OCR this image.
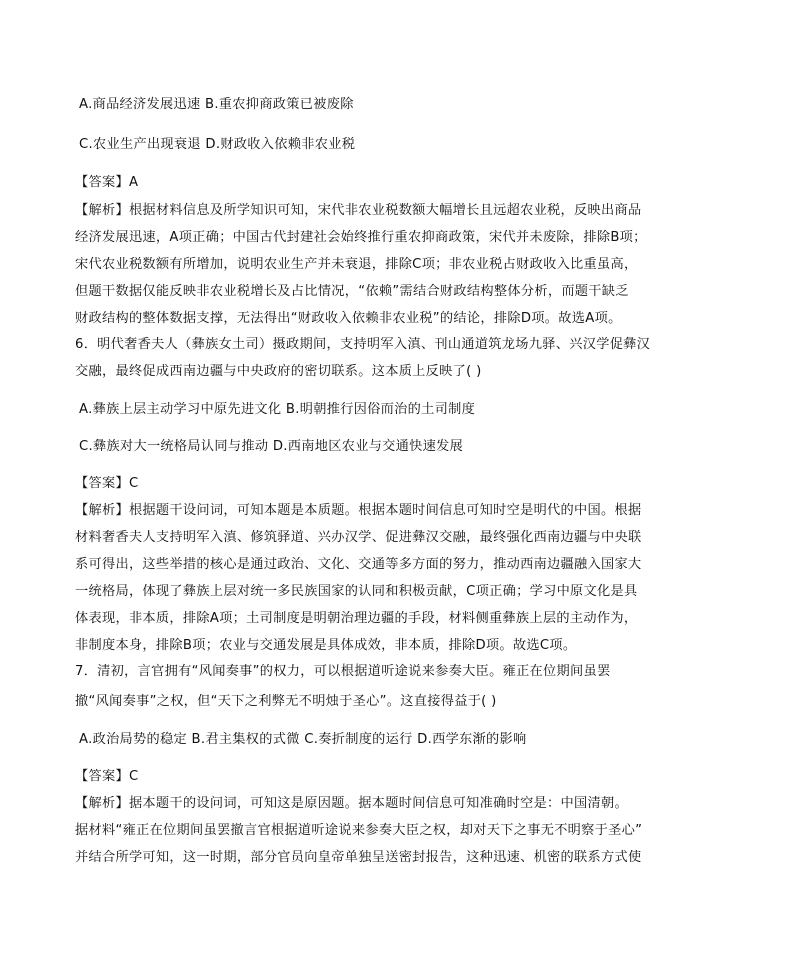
A.商品经济发展迅速 B.重农抑商政策已被废除
C.农业生产出现衰退 D.财政收入依赖非农业税
【答案】A
【解析】根据材料信息及所学知识可知，宋代非农业税数额大幅增长且远超农业税，反映出商品
经济发展迅速，A项正确；中国古代封建社会始终推行重农抑商政策，宋代并未废除，排除B项；
宋代农业税数额有所增加，说明农业生产并未衰退，排除C项；非农业税占财政收入比重虽高，
但题干数据仅能反映非农业税增长及占比情况，“依赖”需结合财政结构整体分析，而题干缺乏
财政结构的整体数据支撑，无法得出“财政收入依赖非农业税”的结论，排除D项。故选A项。
6．明代奢香夫人（彝族女土司）摄政期间，支持明军入滇、刊山通道筑龙场九驿、兴汉学促彝汉
交融，最终促成西南边疆与中央政府的密切联系。这本质上反映了( )
A.彝族上层主动学习中原先进文化 B.明朝推行因俗而治的土司制度
C.彝族对大一统格局认同与推动 D.西南地区农业与交通快速发展
【答案】C
【解析】根据题干设问词，可知本题是本质题。根据本题时间信息可知时空是明代的中国。根据
材料奢香夫人支持明军入滇、修筑驿道、兴办汉学、促进彝汉交融，最终强化西南边疆与中央联
系可得出，这些举措的核心是通过政治、文化、交通等多方面的努力，推动西南边疆融入国家大
一统格局，体现了彝族上层对统一多民族国家的认同和积极贡献，C项正确；学习中原文化是具
体表现，非本质，排除A项；土司制度是明朝治理边疆的手段，材料侧重彝族上层的主动作为，
非制度本身，排除B项；农业与交通发展是具体成效，非本质，排除D项。故选C项。
7．清初，言官拥有“风闻奏事”的权力，可以根据道听途说来参奏大臣。雍正在位期间虽罢
撤“风闻奏事”之权，但“天下之利弊无不明烛于圣心”。这直接得益于( )
A.政治局势的稳定 B.君主集权的式微 C.奏折制度的运行 D.西学东渐的影响
【答案】C
【解析】据本题干的设问词，可知这是原因题。据本题时间信息可知准确时空是：中国清朝。
据材料“雍正在位期间虽罢撤言官根据道听途说来参奏大臣之权，却对天下之事无不明察于圣心”
并结合所学可知，这一时期，部分官员向皇帝单独呈送密封报告，这种迅速、机密的联系方式使
